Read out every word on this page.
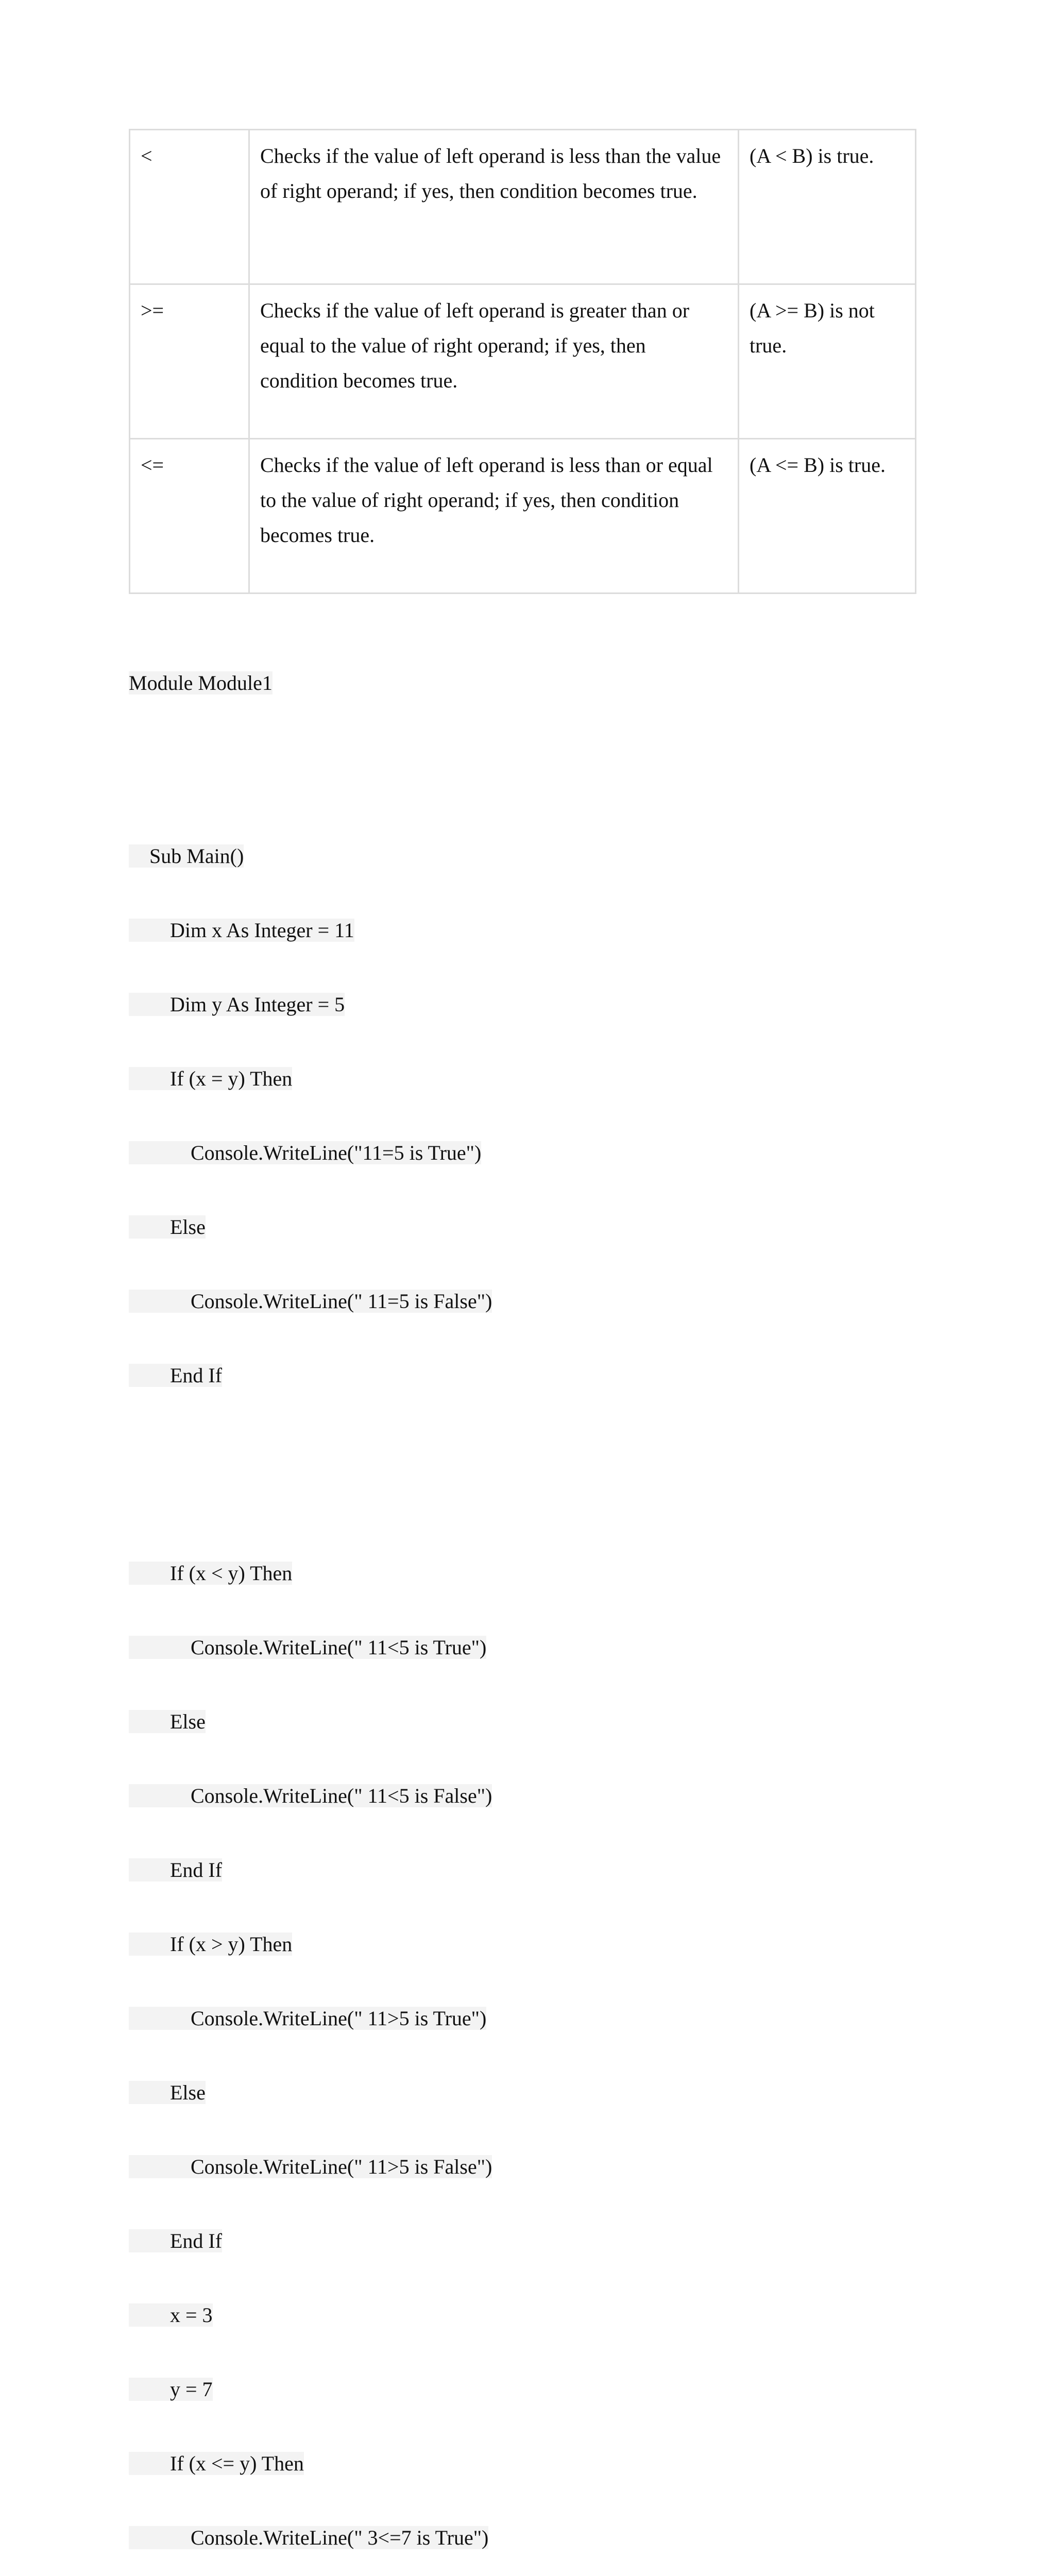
<	Checks if the value of left operand is less than the value of right operand; if yes, then condition becomes true.	(A < B) is true.
>=	Checks if the value of left operand is greater than or equal to the value of right operand; if yes, then condition becomes true.	(A >= B) is not true.
<=	Checks if the value of left operand is less than or equal to the value of right operand; if yes, then condition becomes true.	(A <= B) is true.

Module Module1

Sub Main()

Dim x As Integer = 11

Dim y As Integer = 5

If (x = y) Then

Console.WriteLine("11=5 is True")

Else

Console.WriteLine(" 11=5 is False")

End If

If (x < y) Then

Console.WriteLine(" 11<5 is True")

Else

Console.WriteLine(" 11<5 is False")

End If

If (x > y) Then

Console.WriteLine(" 11>5 is True")

Else

Console.WriteLine(" 11>5 is False")

End If

x = 3

y = 7

If (x <= y) Then

Console.WriteLine(" 3<=7 is True")
